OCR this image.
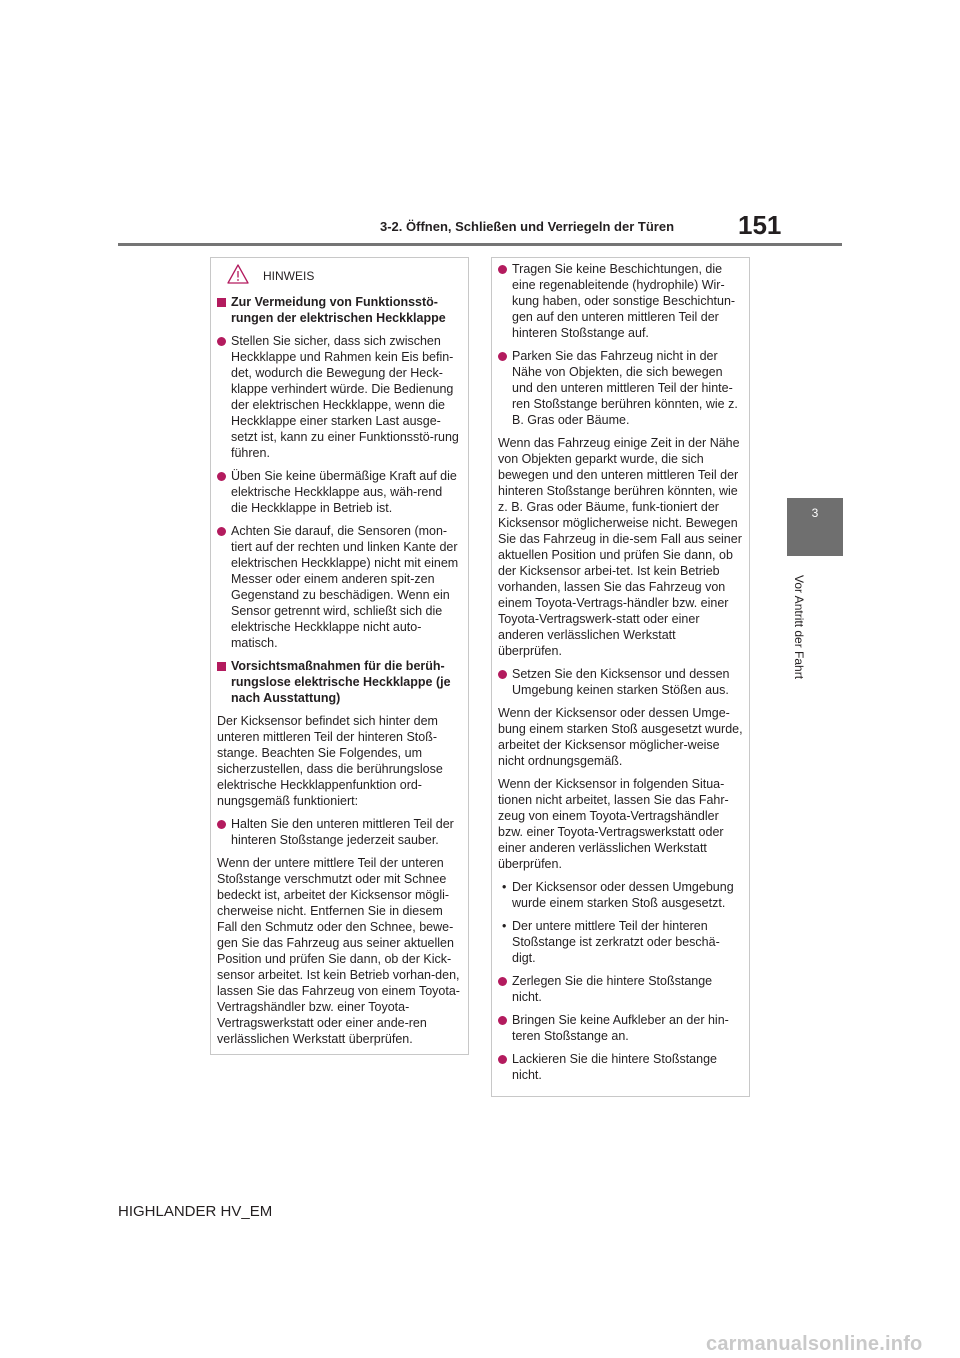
3-2. Öffnen, Schließen und Verriegeln der Türen 151
3
Vor Antritt der Fahrt
HINWEIS
Zur Vermeidung von Funktionsstö-rungen der elektrischen Heckklappe
Stellen Sie sicher, dass sich zwischen Heckklappe und Rahmen kein Eis befin-det, wodurch die Bewegung der Heck-klappe verhindert würde. Die Bedienung der elektrischen Heckklappe, wenn die Heckklappe einer starken Last ausge-setzt ist, kann zu einer Funktionsstö-rung führen.
Üben Sie keine übermäßige Kraft auf die elektrische Heckklappe aus, wäh-rend die Heckklappe in Betrieb ist.
Achten Sie darauf, die Sensoren (mon-tiert auf der rechten und linken Kante der elektrischen Heckklappe) nicht mit einem Messer oder einem anderen spit-zen Gegenstand zu beschädigen. Wenn ein Sensor getrennt wird, schließt sich die elektrische Heckklappe nicht auto-matisch.
Vorsichtsmaßnahmen für die berüh-rungslose elektrische Heckklappe (je nach Ausstattung)
Der Kicksensor befindet sich hinter dem unteren mittleren Teil der hinteren Stoß-stange. Beachten Sie Folgendes, um sicherzustellen, dass die berührungslose elektrische Heckklappenfunktion ord-nungsgemäß funktioniert:
Halten Sie den unteren mittleren Teil der hinteren Stoßstange jederzeit sauber.
Wenn der untere mittlere Teil der unteren Stoßstange verschmutzt oder mit Schnee bedeckt ist, arbeitet der Kicksensor mögli-cherweise nicht. Entfernen Sie in diesem Fall den Schmutz oder den Schnee, bewe-gen Sie das Fahrzeug aus seiner aktuellen Position und prüfen Sie dann, ob der Kick-sensor arbeitet. Ist kein Betrieb vorhan-den, lassen Sie das Fahrzeug von einem Toyota-Vertragshändler bzw. einer Toyota-Vertragswerkstatt oder einer ande-ren verlässlichen Werkstatt überprüfen.
Tragen Sie keine Beschichtungen, die eine regenableitende (hydrophile) Wir-kung haben, oder sonstige Beschichtun-gen auf den unteren mittleren Teil der hinteren Stoßstange auf.
Parken Sie das Fahrzeug nicht in der Nähe von Objekten, die sich bewegen und den unteren mittleren Teil der hinte-ren Stoßstange berühren könnten, wie z. B. Gras oder Bäume.
Wenn das Fahrzeug einige Zeit in der Nähe von Objekten geparkt wurde, die sich bewegen und den unteren mittleren Teil der hinteren Stoßstange berühren könnten, wie z. B. Gras oder Bäume, funk-tioniert der Kicksensor möglicherweise nicht. Bewegen Sie das Fahrzeug in die-sem Fall aus seiner aktuellen Position und prüfen Sie dann, ob der Kicksensor arbei-tet. Ist kein Betrieb vorhanden, lassen Sie das Fahrzeug von einem Toyota-Vertrags-händler bzw. einer Toyota-Vertragswerk-statt oder einer anderen verlässlichen Werkstatt überprüfen.
Setzen Sie den Kicksensor und dessen Umgebung keinen starken Stößen aus.
Wenn der Kicksensor oder dessen Umge-bung einem starken Stoß ausgesetzt wurde, arbeitet der Kicksensor möglicher-weise nicht ordnungsgemäß.
Wenn der Kicksensor in folgenden Situa-tionen nicht arbeitet, lassen Sie das Fahr-zeug von einem Toyota-Vertragshändler bzw. einer Toyota-Vertragswerkstatt oder einer anderen verlässlichen Werkstatt überprüfen.
• Der Kicksensor oder dessen Umgebung wurde einem starken Stoß ausgesetzt.
• Der untere mittlere Teil der hinteren Stoßstange ist zerkratzt oder beschä-digt.
Zerlegen Sie die hintere Stoßstange nicht.
Bringen Sie keine Aufkleber an der hin-teren Stoßstange an.
Lackieren Sie die hintere Stoßstange nicht.
HIGHLANDER HV_EM
carmanualsonline.info
